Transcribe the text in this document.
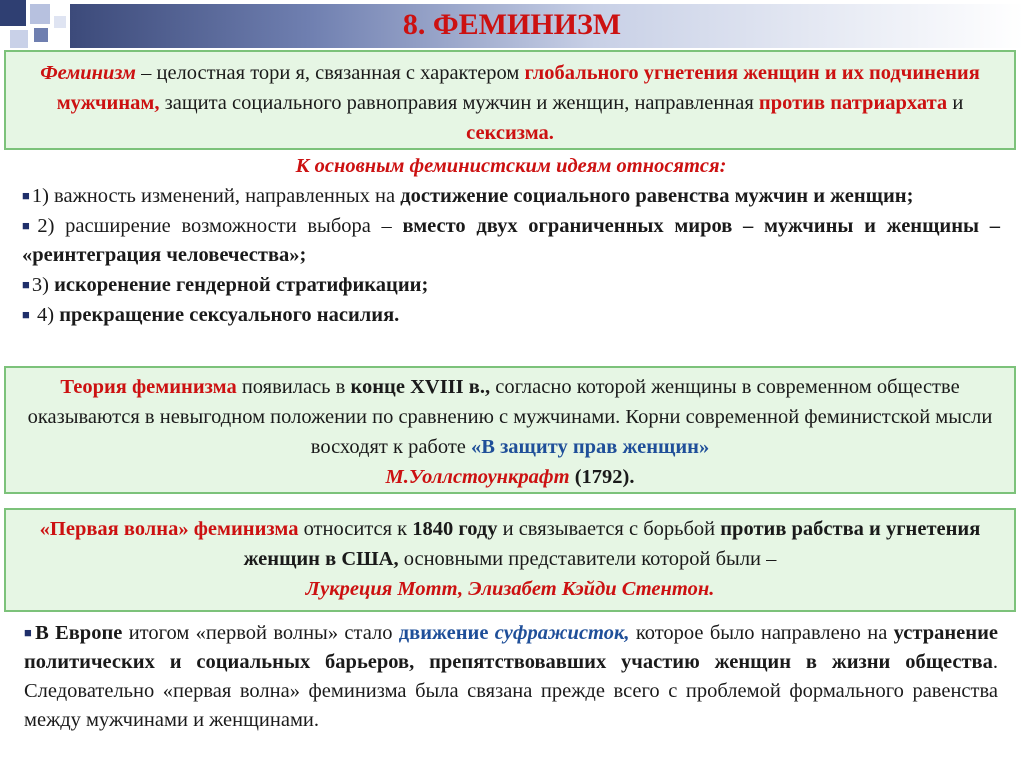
8. ФЕМИНИЗМ
Феминизм – целостная тори я, связанная с характером глобального угнетения женщин и их подчинения мужчинам, защита социального равноправия мужчин и женщин, направленная против патриархата и сексизма.
К основным феминистским идеям относятся:
■1) важность изменений, направленных на достижение социального равенства мужчин и женщин;
■2) расширение возможности выбора – вместо двух ограниченных миров – мужчины и женщины – «реинтеграция человечества»;
■3) искоренение гендерной стратификации;
■ 4) прекращение сексуального насилия.
Теория феминизма появилась в конце XVIII в., согласно которой женщины в современном обществе оказываются в невыгодном положении по сравнению с мужчинами. Корни современной феминистской мысли восходят к работе «В защиту прав женщин»
М.Уоллстоункрафт (1792).
«Первая волна» феминизма относится к 1840 году и связывается с борьбой против рабства и угнетения женщин в США, основными представители которой были –
Лукреция Мотт, Элизабет Кэйди Стентон.
■В Европе итогом «первой волны» стало движение суфражисток, которое было направлено на устранение политических и социальных барьеров, препятствовавших участию женщин в жизни общества. Следовательно «первая волна» феминизма была связана прежде всего с проблемой формального равенства между мужчинами и женщинами.
